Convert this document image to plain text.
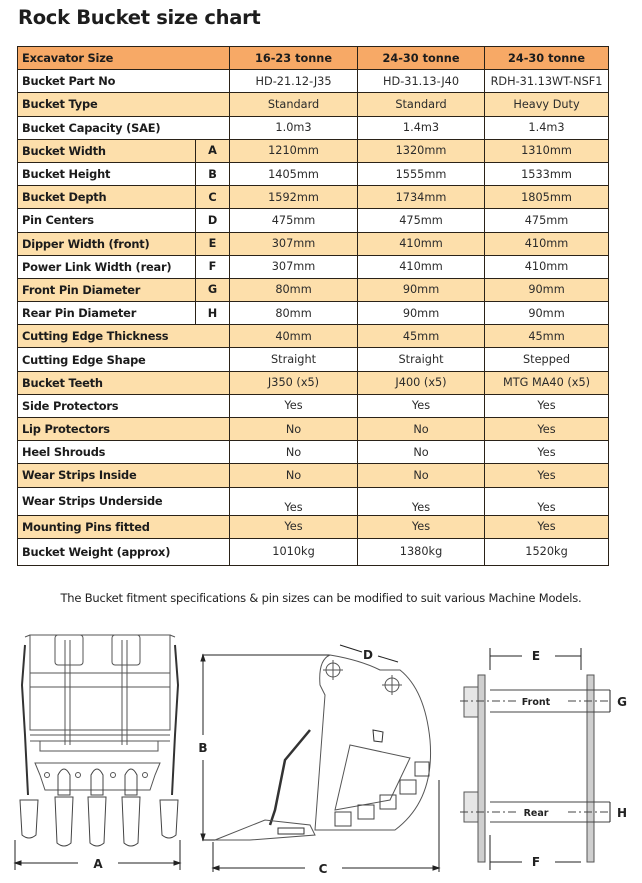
Rock Bucket size chart
Excavator Size		16-23 tonne	24-30 tonne	24-30 tonne
Bucket Part No		HD-21.12-J35	HD-31.13-J40	RDH-31.13WT-NSF1
Bucket Type		Standard	Standard	Heavy Duty
Bucket Capacity (SAE)		1.0m3	1.4m3	1.4m3
Bucket Width	A	1210mm	1320mm	1310mm
Bucket Height	B	1405mm	1555mm	1533mm
Bucket Depth	C	1592mm	1734mm	1805mm
Pin Centers	D	475mm	475mm	475mm
Dipper Width (front)	E	307mm	410mm	410mm
Power Link Width (rear)	F	307mm	410mm	410mm
Front Pin Diameter	G	80mm	90mm	90mm
Rear Pin Diameter	H	80mm	90mm	90mm
Cutting Edge Thickness		40mm	45mm	45mm
Cutting Edge Shape		Straight	Straight	Stepped
Bucket Teeth		J350 (x5)	J400 (x5)	MTG MA40 (x5)
Side Protectors		Yes	Yes	Yes
Lip Protectors		No	No	Yes
Heel Shrouds		No	No	Yes
Wear Strips Inside		No	No	Yes
Wear Strips Underside		Yes	Yes	Yes
Mounting Pins fitted		Yes	Yes	Yes
Bucket Weight (approx)		1010kg	1380kg	1520kg
The Bucket fitment specifications & pin sizes can be modified to suit various Machine Models.
A
B
C
D
Front
Rear
E
F
G
H
